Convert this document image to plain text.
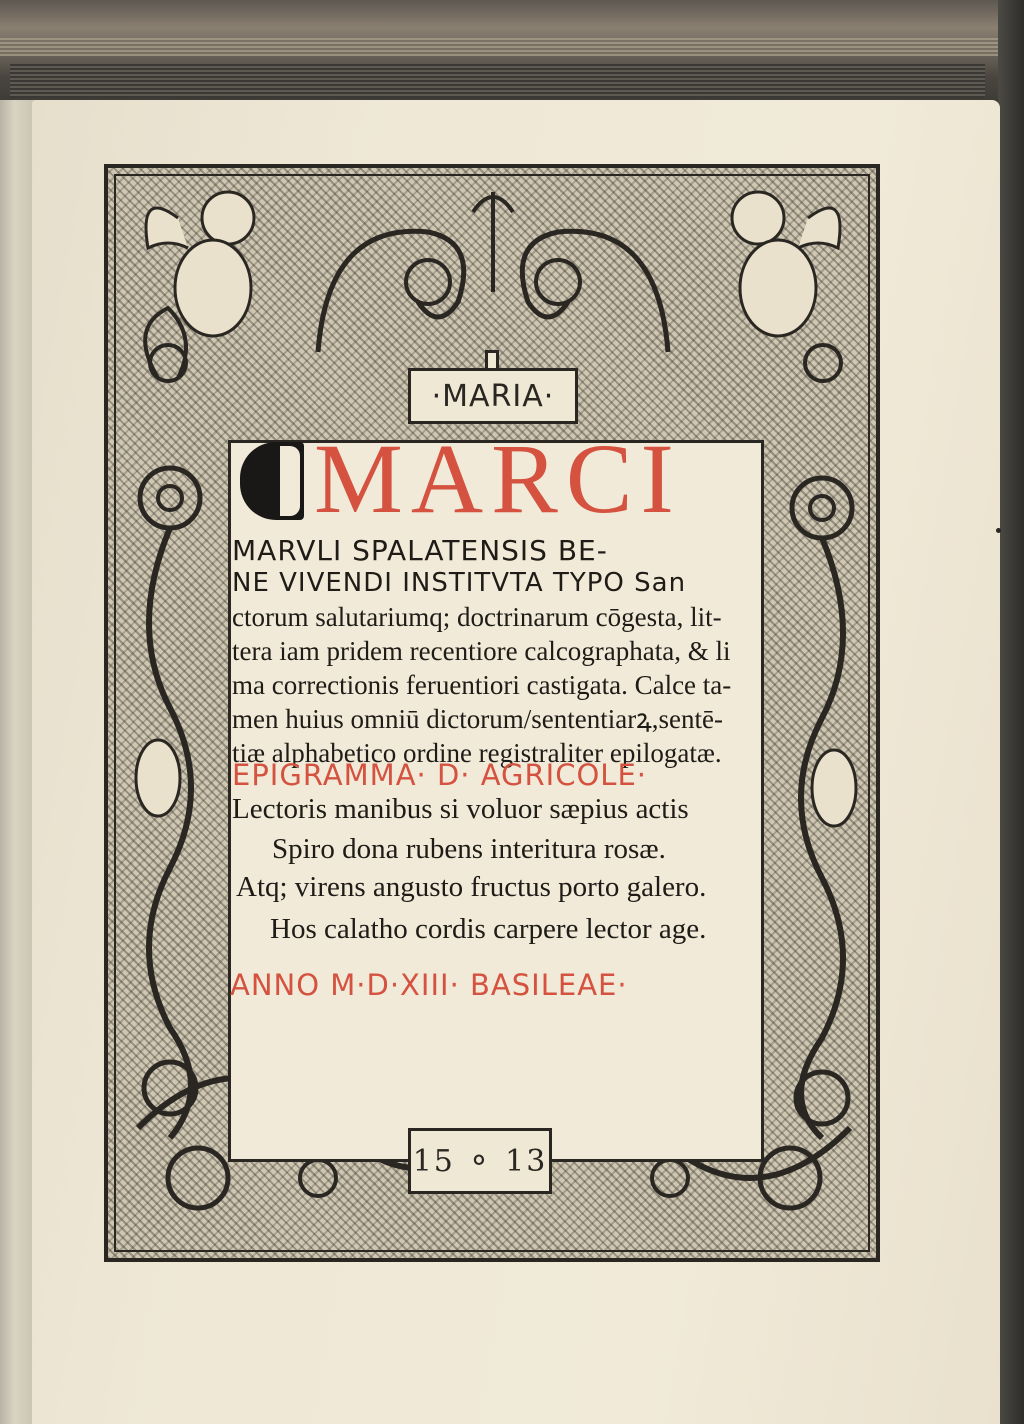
·MARIA·
15 ⚬ 13
MARCI
MARVLI SPALATENSIS BE‐
NE VIVENDI INSTITVTA TYPO San
ctorum salutariumq; doctrinarum cōgesta, lit‐
tera iam pridem recentiore calcographata, & li
ma correctionis feruentiori castigata. Calce ta‐
men huius omniū dictorum/sententiarꝝ,sentē‐
tiæ alphabetico ordine registraliter epilogatæ.
EPIGRAMMA· D· AGRICOLE·
Lectoris manibus si voluor sæpius actis
Spiro dona rubens interitura rosæ.
Atq; virens angusto fructus porto galero.
Hos calatho cordis carpere lector age.
ANNO M·D·XIII· BASILEAE·
